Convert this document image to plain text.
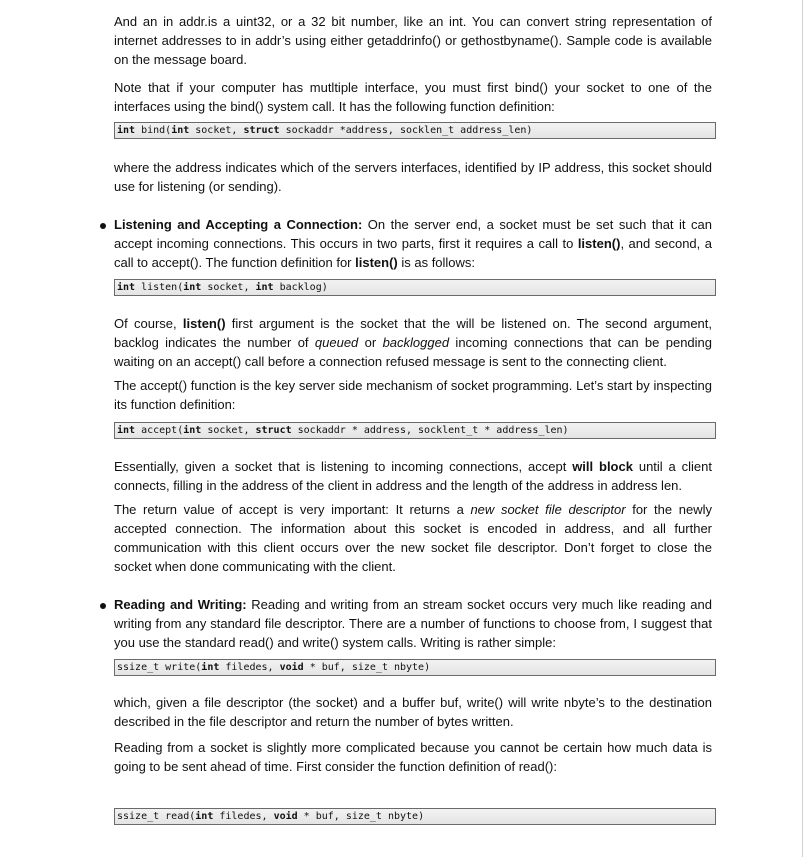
And an in addr.is a uint32, or a 32 bit number, like an int. You can convert string representation of internet addresses to in addr’s using either getaddrinfo() or gethostbyname(). Sample code is available on the message board.
Note that if your computer has mutltiple interface, you must first bind() your socket to one of the interfaces using the bind() system call. It has the following function definition:
int bind(int socket, struct sockaddr *address, socklen_t address_len)
where the address indicates which of the servers interfaces, identified by IP address, this socket should use for listening (or sending).
Listening and Accepting a Connection: On the server end, a socket must be set such that it can accept incoming connections. This occurs in two parts, first it requires a call to listen(), and second, a call to accept(). The function definition for listen() is as follows:
int listen(int socket, int backlog)
Of course, listen() first argument is the socket that the will be listened on. The second argument, backlog indicates the number of queued or backlogged incoming connections that can be pending waiting on an accept() call before a connection refused message is sent to the connecting client.
The accept() function is the key server side mechanism of socket programming. Let’s start by inspecting its function definition:
int accept(int socket, struct sockaddr * address, socklent_t * address_len)
Essentially, given a socket that is listening to incoming connections, accept will block until a client connects, filling in the address of the client in address and the length of the address in address len.
The return value of accept is very important: It returns a new socket file descriptor for the newly accepted connection. The information about this socket is encoded in address, and all further communication with this client occurs over the new socket file descriptor. Don’t forget to close the socket when done communicating with the client.
Reading and Writing: Reading and writing from an stream socket occurs very much like reading and writing from any standard file descriptor. There are a number of functions to choose from, I suggest that you use the standard read() and write() system calls. Writing is rather simple:
ssize_t write(int filedes, void * buf, size_t nbyte)
which, given a file descriptor (the socket) and a buffer buf, write() will write nbyte’s to the destination described in the file descriptor and return the number of bytes written.
Reading from a socket is slightly more complicated because you cannot be certain how much data is going to be sent ahead of time. First consider the function definition of read():
ssize_t read(int filedes, void * buf, size_t nbyte)
